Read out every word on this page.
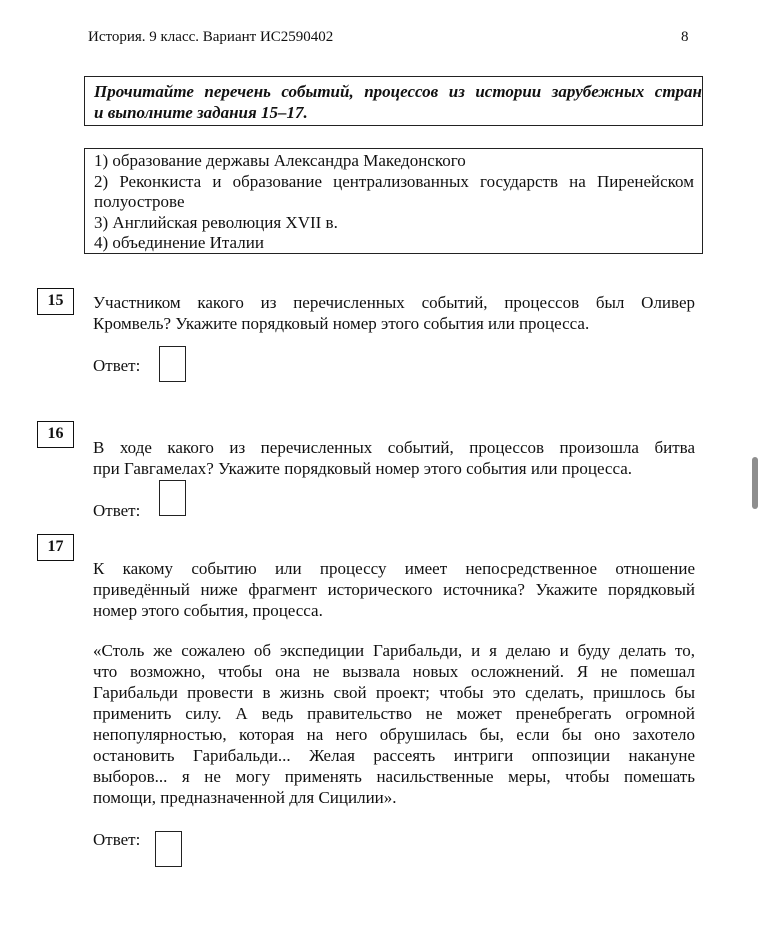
История. 9 класс. Вариант ИС2590402	8
Прочитайте перечень событий, процессов из истории зарубежных стран
и выполните задания 15–17.
1) образование державы Александра Македонского
2) Реконкиста и образование централизованных государств на Пиренейском
полуострове
3) Английская революция XVII в.
4) объединение Италии
15	Участником какого из перечисленных событий, процессов был Оливер
Кромвель? Укажите порядковый номер этого события или процесса.
Ответ:
16
В ходе какого из перечисленных событий, процессов произошла битва
при Гавгамелах? Укажите порядковый номер этого события или процесса.
Ответ:
17
К какому событию или процессу имеет непосредственное отношение
приведённый ниже фрагмент исторического источника? Укажите порядковый
номер этого события, процесса.
«Столь же сожалею об экспедиции Гарибальди, и я делаю и буду делать то,
что возможно, чтобы она не вызвала новых осложнений. Я не помешал
Гарибальди провести в жизнь свой проект; чтобы это сделать, пришлось бы
применить силу. А ведь правительство не может пренебрегать огромной
непопулярностью, которая на него обрушилась бы, если бы оно захотело
остановить Гарибальди... Желая рассеять интриги оппозиции накануне
выборов... я не могу применять насильственные меры, чтобы помешать
помощи, предназначенной для Сицилии».
Ответ:
